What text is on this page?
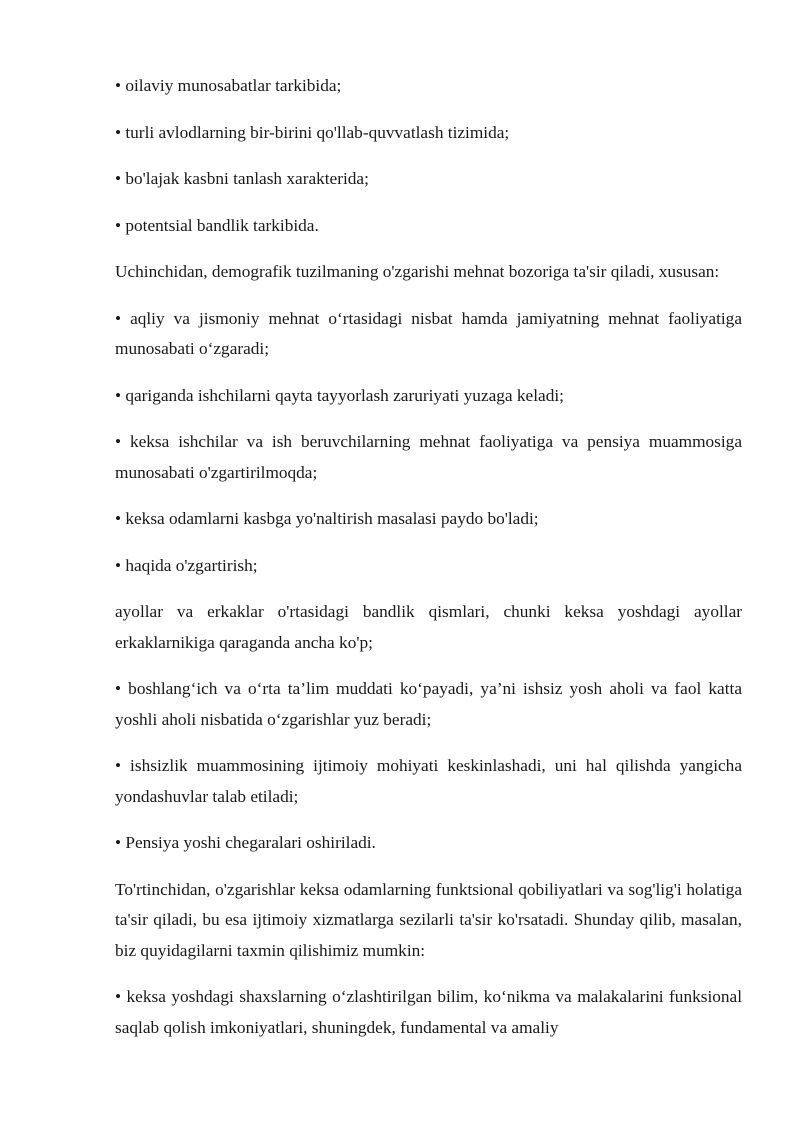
• oilaviy munosabatlar tarkibida;

• turli avlodlarning bir-birini qo'llab-quvvatlash tizimida;

• bo'lajak kasbni tanlash xarakterida;

• potentsial bandlik tarkibida.

Uchinchidan, demografik tuzilmaning o'zgarishi mehnat bozoriga ta'sir qiladi, xususan:

• aqliy va jismoniy mehnat o‘rtasidagi nisbat hamda jamiyatning mehnat faoliyatiga munosabati o‘zgaradi;

• qariganda ishchilarni qayta tayyorlash zaruriyati yuzaga keladi;

• keksa ishchilar va ish beruvchilarning mehnat faoliyatiga va pensiya muammosiga munosabati o'zgartirilmoqda;

• keksa odamlarni kasbga yo'naltirish masalasi paydo bo'ladi;

• haqida o'zgartirish;

ayollar va erkaklar o'rtasidagi bandlik qismlari, chunki keksa yoshdagi ayollar erkaklarnikiga qaraganda ancha ko'p;

• boshlang‘ich va o‘rta ta’lim muddati ko‘payadi, ya’ni ishsiz yosh aholi va faol katta yoshli aholi nisbatida o‘zgarishlar yuz beradi;

• ishsizlik muammosining ijtimoiy mohiyati keskinlashadi, uni hal qilishda yangicha yondashuvlar talab etiladi;

• Pensiya yoshi chegaralari oshiriladi.

To'rtinchidan, o'zgarishlar keksa odamlarning funktsional qobiliyatlari va sog'lig'i holatiga ta'sir qiladi, bu esa ijtimoiy xizmatlarga sezilarli ta'sir ko'rsatadi. Shunday qilib, masalan, biz quyidagilarni taxmin qilishimiz mumkin:

• keksa yoshdagi shaxslarning o‘zlashtirilgan bilim, ko‘nikma va malakalarini funksional saqlab qolish imkoniyatlari, shuningdek, fundamental va amaliy
